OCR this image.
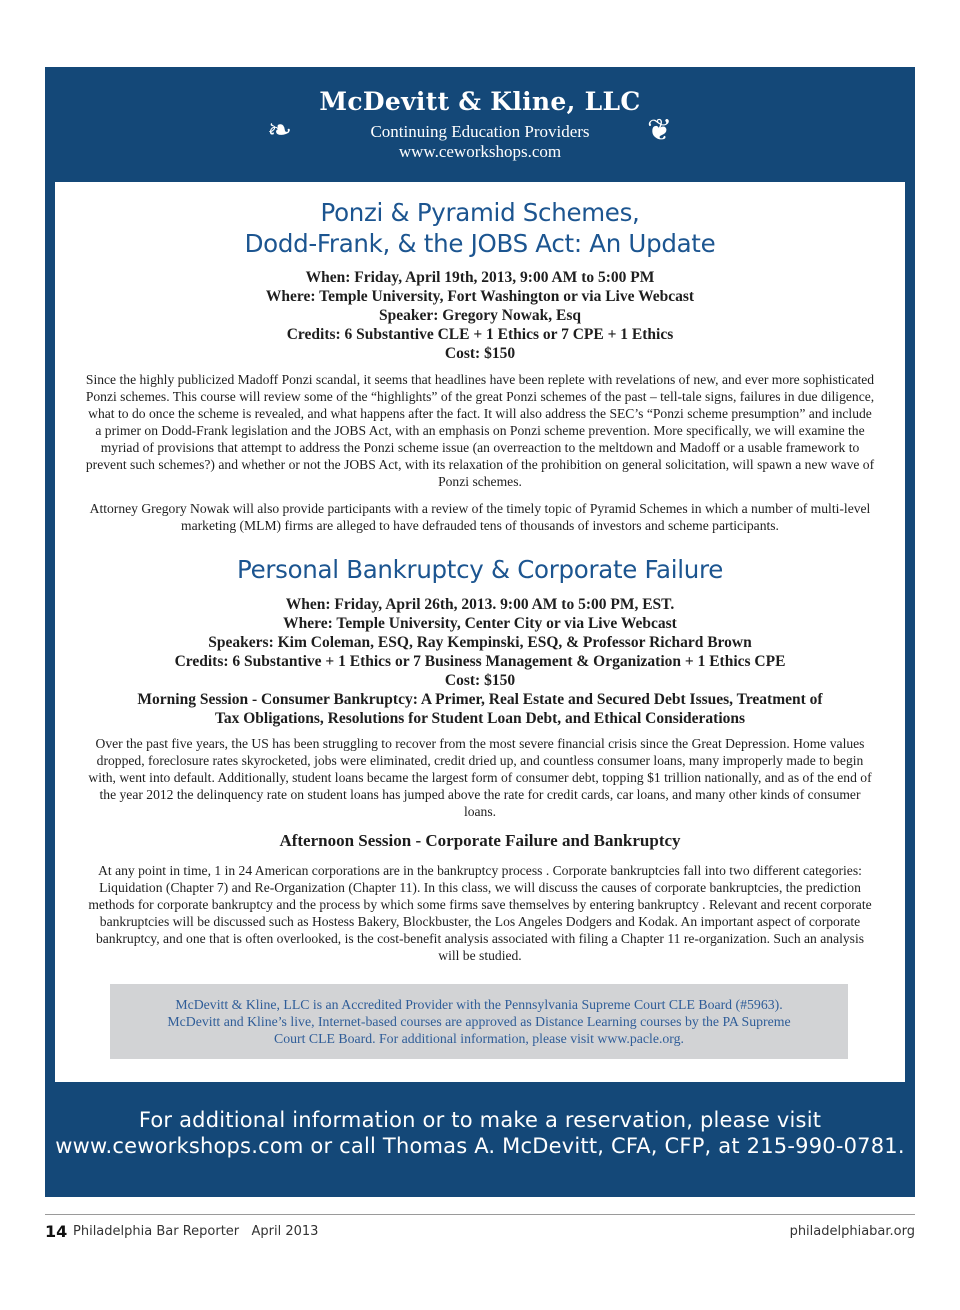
McDevitt & Kline, LLC
❧	Continuing Education Providers	❦
www.ceworkshops.com
Ponzi & Pyramid Schemes,
Dodd-Frank, & the JOBS Act: An Update
When: Friday, April 19th, 2013, 9:00 AM to 5:00 PM
Where: Temple University, Fort Washington or via Live Webcast
Speaker: Gregory Nowak, Esq
Credits: 6 Substantive CLE + 1 Ethics or 7 CPE + 1 Ethics
Cost: $150

Since the highly publicized Madoff Ponzi scandal, it seems that headlines have been replete with revelations of new, and ever more sophisticated Ponzi schemes. This course will review some of the “highlights” of the great Ponzi schemes of the past – tell-tale signs, failures in due diligence, what to do once the scheme is revealed, and what happens after the fact. It will also address the SEC’s “Ponzi scheme presumption” and include a primer on Dodd-Frank legislation and the JOBS Act, with an emphasis on Ponzi scheme prevention. More specifically, we will examine the myriad of provisions that attempt to address the Ponzi scheme issue (an overreaction to the meltdown and Madoff or a usable framework to prevent such schemes?) and whether or not the JOBS Act, with its relaxation of the prohibition on general solicitation, will spawn a new wave of Ponzi schemes.

Attorney Gregory Nowak will also provide participants with a review of the timely topic of Pyramid Schemes in which a number of multi-level marketing (MLM) firms are alleged to have defrauded tens of thousands of investors and scheme participants.

Personal Bankruptcy & Corporate Failure
When: Friday, April 26th, 2013. 9:00 AM to 5:00 PM, EST.
Where: Temple University, Center City or via Live Webcast
Speakers: Kim Coleman, ESQ, Ray Kempinski, ESQ, & Professor Richard Brown
Credits: 6 Substantive + 1 Ethics or 7 Business Management & Organization + 1 Ethics CPE
Cost: $150
Morning Session - Consumer Bankruptcy: A Primer, Real Estate and Secured Debt Issues, Treatment of
Tax Obligations, Resolutions for Student Loan Debt, and Ethical Considerations

Over the past five years, the US has been struggling to recover from the most severe financial crisis since the Great Depression. Home values dropped, foreclosure rates skyrocketed, jobs were eliminated, credit dried up, and countless consumer loans, many improperly made to begin with, went into default. Additionally, student loans became the largest form of consumer debt, topping $1 trillion nationally, and as of the end of the year 2012 the delinquency rate on student loans has jumped above the rate for credit cards, car loans, and many other kinds of consumer loans.

Afternoon Session - Corporate Failure and Bankruptcy

At any point in time, 1 in 24 American corporations are in the bankruptcy process . Corporate bankruptcies fall into two different categories: Liquidation (Chapter 7) and Re-Organization (Chapter 11). In this class, we will discuss the causes of corporate bankruptcies, the prediction methods for corporate bankruptcy and the process by which some firms save themselves by entering bankruptcy . Relevant and recent corporate bankruptcies will be discussed such as Hostess Bakery, Blockbuster, the Los Angeles Dodgers and Kodak. An important aspect of corporate bankruptcy, and one that is often overlooked, is the cost-benefit analysis associated with filing a Chapter 11 re-organization. Such an analysis will be studied.

McDevitt & Kline, LLC is an Accredited Provider with the Pennsylvania Supreme Court CLE Board (#5963).
McDevitt and Kline’s live, Internet-based courses are approved as Distance Learning courses by the PA Supreme
Court CLE Board. For additional information, please visit www.pacle.org.
For additional information or to make a reservation, please visit
www.ceworkshops.com or call Thomas A. McDevitt, CFA, CFP, at 215-990-0781.
14 Philadelphia Bar Reporter   April 2013	philadelphiabar.org
